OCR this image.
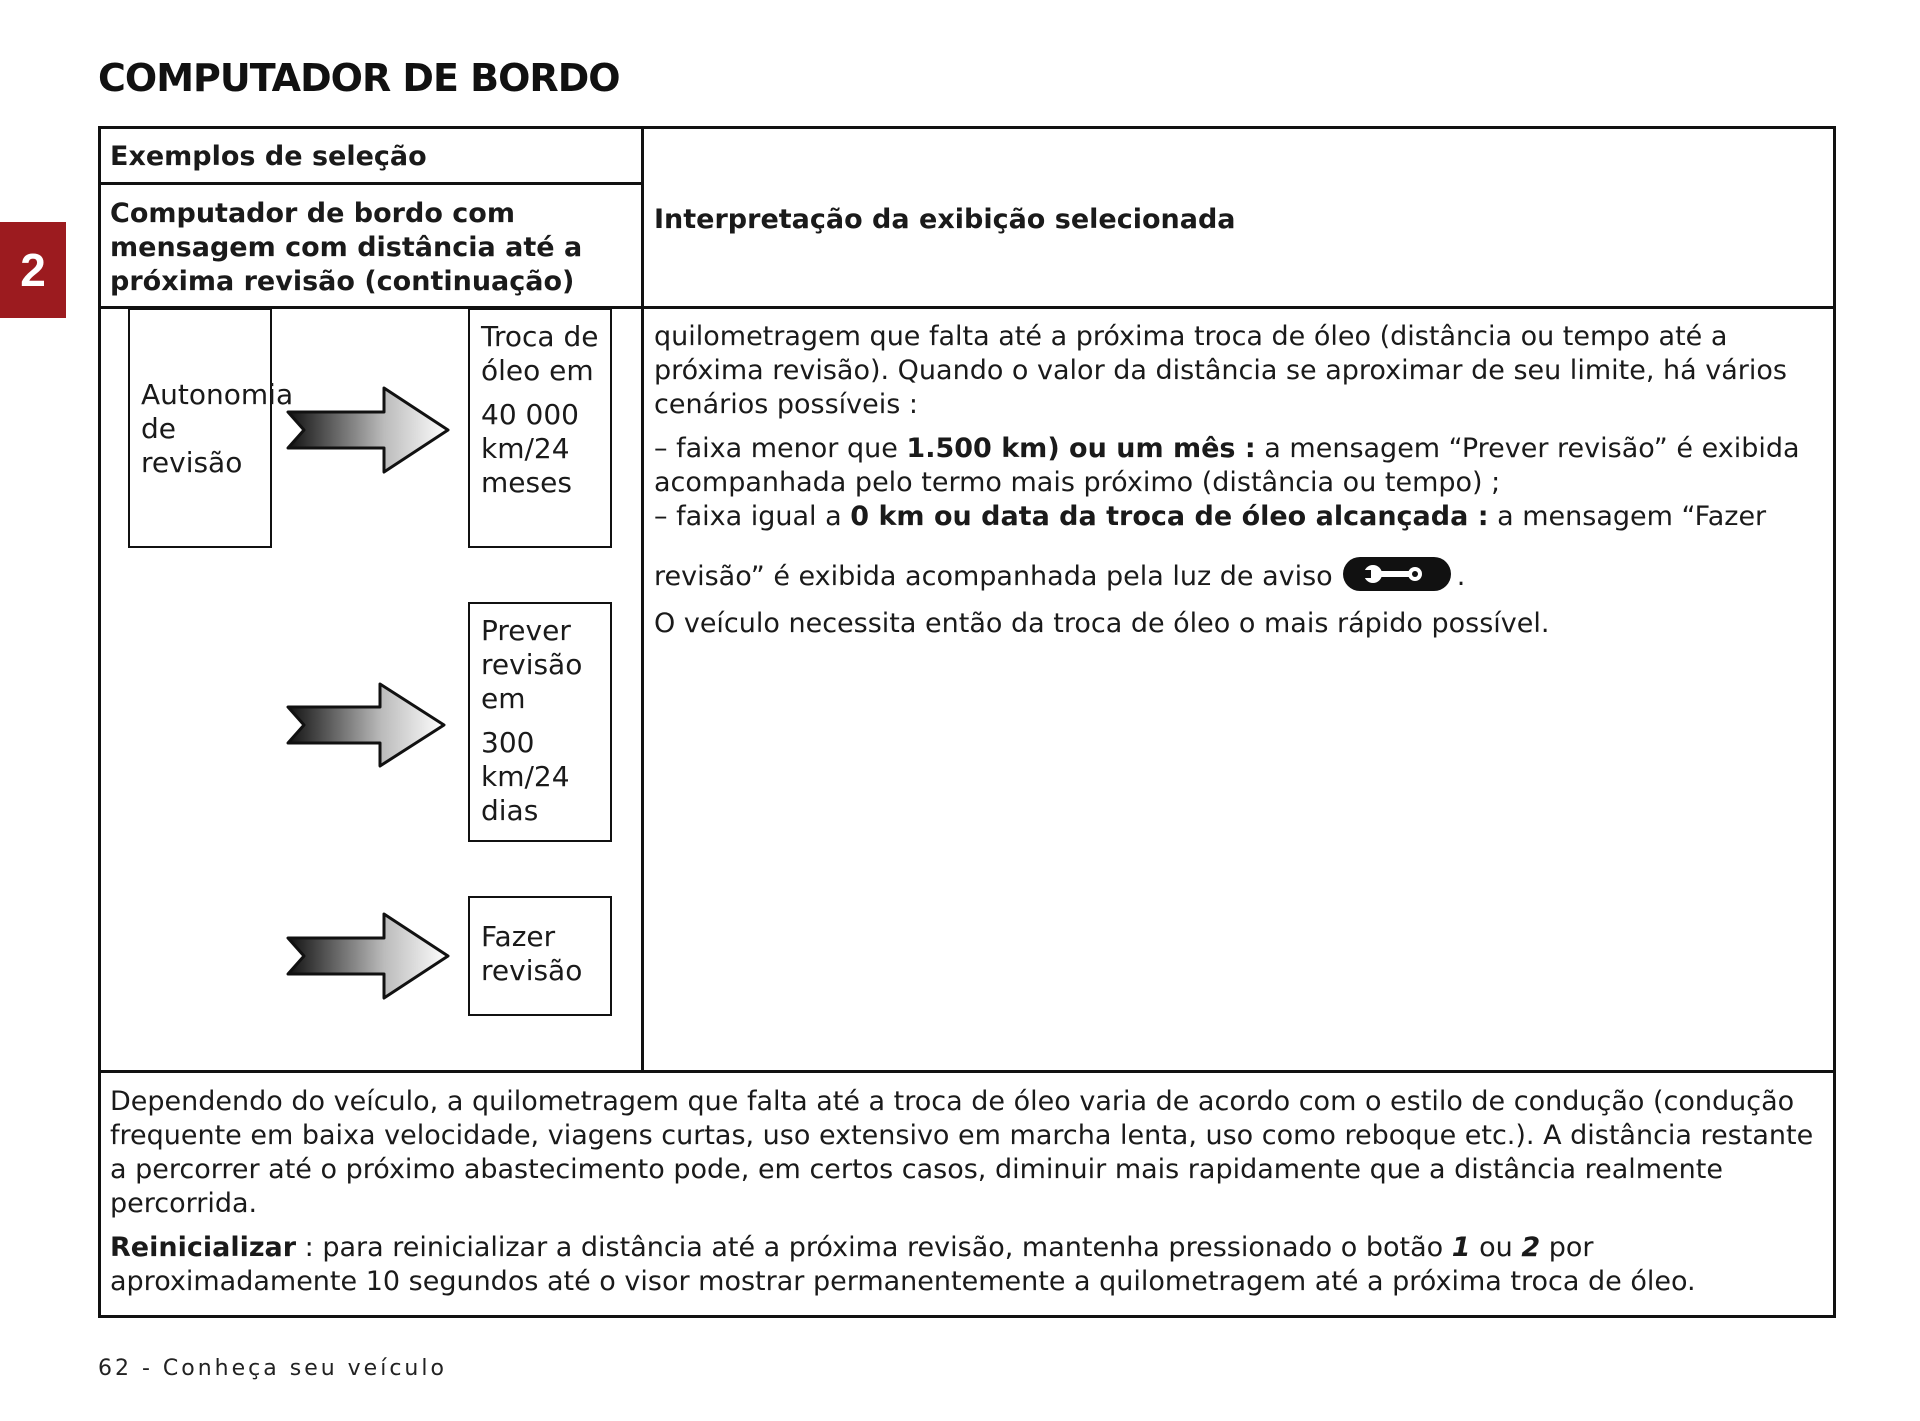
COMPUTADOR DE BORDO
2
Exemplos de seleção
Computador de bordo com mensagem com distância até a próxima revisão (continuação)
Interpretação da exibição selecionada

Autonomia de revisão

Troca de óleo em

40 000 km/24 meses

Prever revisão em

300 km/24 dias

Fazer revisão

quilometragem que falta até a próxima troca de óleo (distância ou tempo até a próxima revisão). Quando o valor da distância se aproximar de seu limite, há vários cenários possíveis :

– faixa menor que 1.500 km) ou um mês : a mensagem “Prever revisão” é exibida acompanhada pelo termo mais próximo (distância ou tempo) ;

– faixa igual a 0 km ou data da troca de óleo alcançada : a mensagem “Fazer revisão” é exibida acompanhada pela luz de aviso	.

O veículo necessita então da troca de óleo o mais rápido possível.

Dependendo do veículo, a quilometragem que falta até a troca de óleo varia de acordo com o estilo de condução (condução frequente em baixa velocidade, viagens curtas, uso extensivo em marcha lenta, uso como reboque etc.). A distância restante a percorrer até o próximo abastecimento pode, em certos casos, diminuir mais rapidamente que a distância realmente percorrida.

Reinicializar : para reinicializar a distância até a próxima revisão, mantenha pressionado o botão 1 ou 2 por aproximadamente 10 segundos até o visor mostrar permanentemente a quilometragem até a próxima troca de óleo.

62 - Conheça seu veículo
